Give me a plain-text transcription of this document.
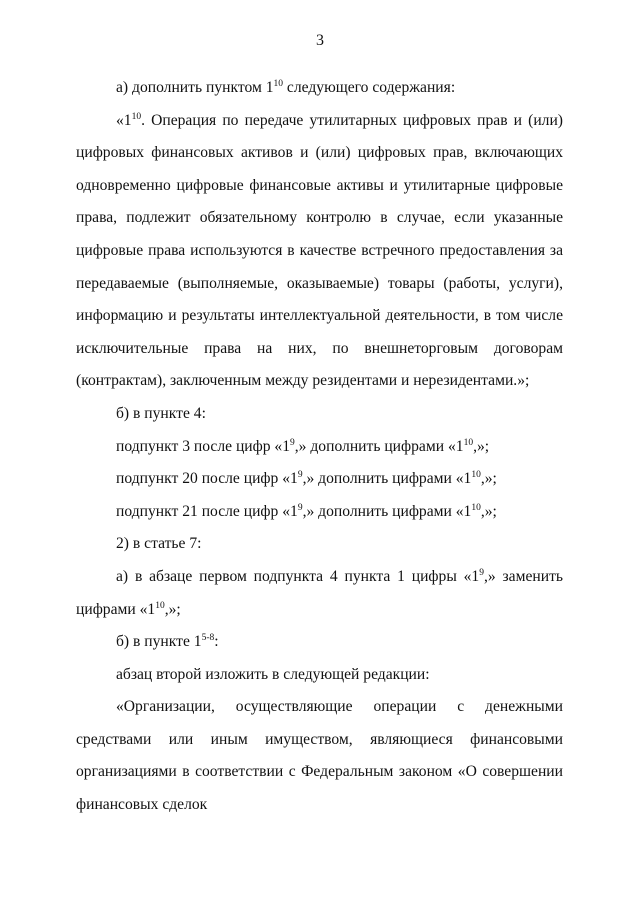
3

а) дополнить пунктом $1^{10}$ следующего содержания:

«$1^{10}$. Операция по передаче утилитарных цифровых прав и (или) цифровых финансовых активов и (или) цифровых прав, включающих одновременно цифровые финансовые активы и утилитарные цифровые права, подлежит обязательному контролю в случае, если указанные цифровые права используются в качестве встречного предоставления за передаваемые (выполняемые, оказываемые) товары (работы, услуги), информацию и результаты интеллектуальной деятельности, в том числе исключительные права на них, по внешнеторговым договорам (контрактам), заключенным между резидентами и нерезидентами.»;

б) в пункте 4:

подпункт 3 после цифр «$1^9$,» дополнить цифрами «$1^{10}$,»;

подпункт 20 после цифр «$1^9$,» дополнить цифрами «$1^{10}$,»;

подпункт 21 после цифр «$1^9$,» дополнить цифрами «$1^{10}$,»;

2) в статье 7:

а) в абзаце первом подпункта 4 пункта 1 цифры «$1^9$,» заменить цифрами «$1^{10}$,»;

б) в пункте 1$^{5-8}$:

абзац второй изложить в следующей редакции:

«Организации, осуществляющие операции с денежными средствами или иным имуществом, являющиеся финансовыми организациями в соответствии с Федеральным законом «О совершении финансовых сделок
